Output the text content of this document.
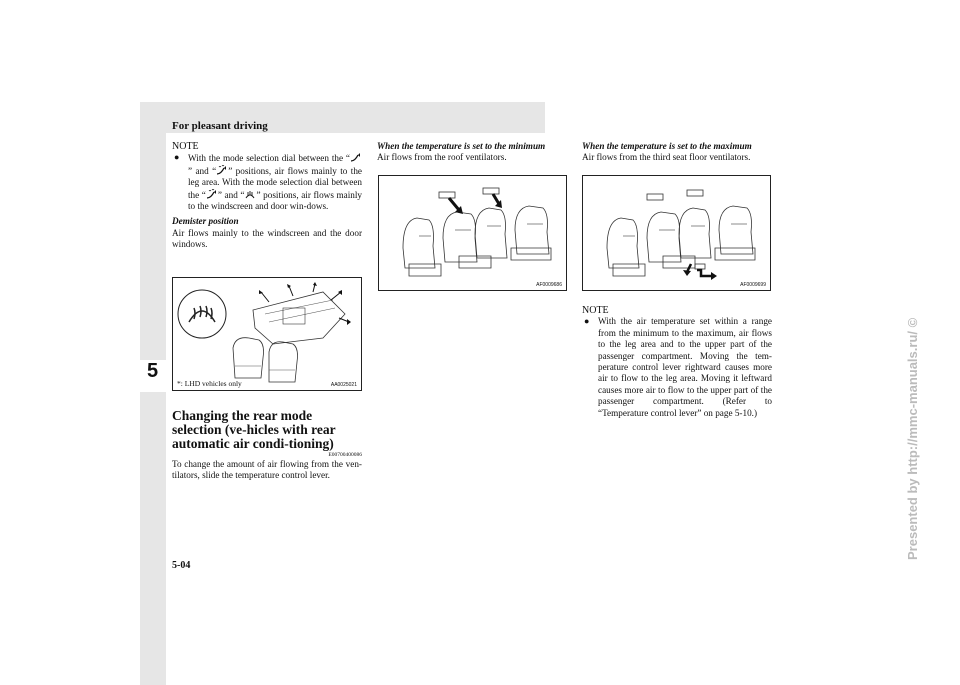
For pleasant driving
5
NOTE
● With the mode selection dial between the “” and “ ” positions, air flows mainly to the leg area. With the mode selection dial between the “ ” and “ ” positions, air flows mainly to the windscreen and door win-dows.
Demister position

Air flows mainly to the windscreen and the door windows.

*: LHD vehicles only	AA0025021
Changing the rear mode selection (ve-hicles with rear automatic air condi-tioning)
E00700400086

To change the amount of air flowing from the ven-tilators, slide the temperature control lever.

When the temperature is set to the minimum

Air flows from the roof ventilators.

AF0009686
When the temperature is set to the maximum

Air flows from the third seat floor ventilators.

AF0009699
NOTE
● With the air temperature set within a range from the minimum to the maximum, air flows to the leg area and to the upper part of the passenger compartment. Moving the tem-perature control lever rightward causes more air to flow to the leg area. Moving it leftward causes more air to flow to the upper part of the passenger compartment. (Refer to “Temperature control lever” on page 5-10.)
5-04
Presented by http://mmc-manuals.ru/ ©
